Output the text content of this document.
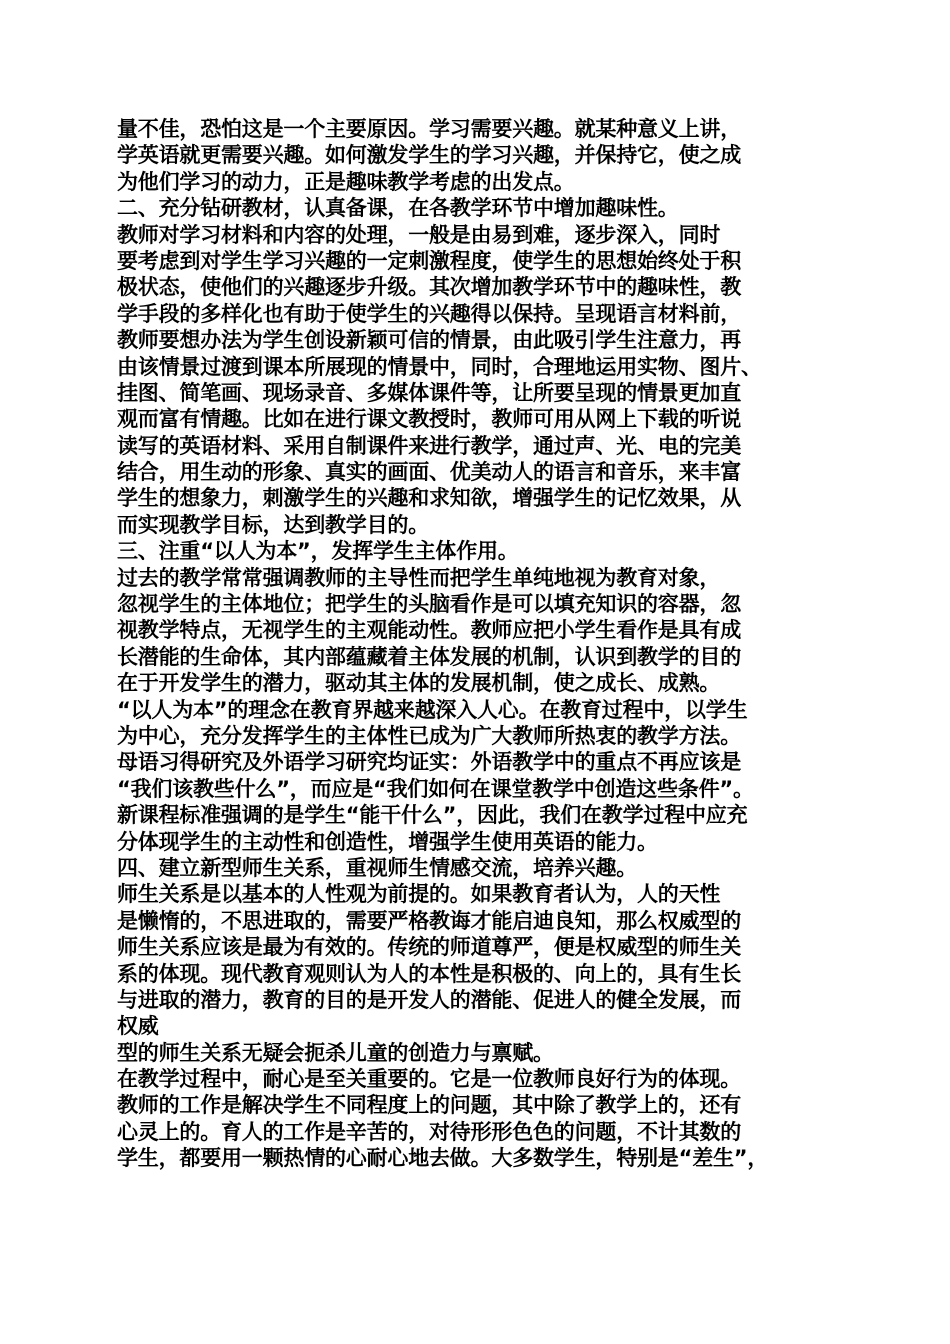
量不佳，恐怕这是一个主要原因。学习需要兴趣。就某种意义上讲，
学英语就更需要兴趣。如何激发学生的学习兴趣，并保持它，使之成
为他们学习的动力，正是趣味教学考虑的出发点。
二、充分钻研教材，认真备课，在各教学环节中增加趣味性。
教师对学习材料和内容的处理，一般是由易到难，逐步深入，同时
要考虑到对学生学习兴趣的一定刺激程度，使学生的思想始终处于积
极状态，使他们的兴趣逐步升级。其次增加教学环节中的趣味性，教
学手段的多样化也有助于使学生的兴趣得以保持。呈现语言材料前，
教师要想办法为学生创设新颖可信的情景，由此吸引学生注意力，再
由该情景过渡到课本所展现的情景中，同时，合理地运用实物、图片、
挂图、简笔画、现场录音、多媒体课件等，让所要呈现的情景更加直
观而富有情趣。比如在进行课文教授时，教师可用从网上下载的听说
读写的英语材料、采用自制课件来进行教学，通过声、光、电的完美
结合，用生动的形象、真实的画面、优美动人的语言和音乐，来丰富
学生的想象力，刺激学生的兴趣和求知欲，增强学生的记忆效果，从
而实现教学目标，达到教学目的。
三、注重“以人为本”，发挥学生主体作用。
过去的教学常常强调教师的主导性而把学生单纯地视为教育对象，
忽视学生的主体地位；把学生的头脑看作是可以填充知识的容器，忽
视教学特点，无视学生的主观能动性。教师应把小学生看作是具有成
长潜能的生命体，其内部蕴藏着主体发展的机制，认识到教学的目的
在于开发学生的潜力，驱动其主体的发展机制，使之成长、成熟。
“以人为本”的理念在教育界越来越深入人心。在教育过程中，以学生
为中心，充分发挥学生的主体性已成为广大教师所热衷的教学方法。
母语习得研究及外语学习研究均证实：外语教学中的重点不再应该是
“我们该教些什么”，而应是“我们如何在课堂教学中创造这些条件”。
新课程标准强调的是学生“能干什么”，因此，我们在教学过程中应充
分体现学生的主动性和创造性，增强学生使用英语的能力。
四、建立新型师生关系，重视师生情感交流，培养兴趣。
师生关系是以基本的人性观为前提的。如果教育者认为，人的天性
是懒惰的，不思进取的，需要严格教诲才能启迪良知，那么权威型的
师生关系应该是最为有效的。传统的师道尊严，便是权威型的师生关
系的体现。现代教育观则认为人的本性是积极的、向上的，具有生长
与进取的潜力，教育的目的是开发人的潜能、促进人的健全发展，而
权威
型的师生关系无疑会扼杀儿童的创造力与禀赋。
在教学过程中，耐心是至关重要的。它是一位教师良好行为的体现。
教师的工作是解决学生不同程度上的问题，其中除了教学上的，还有
心灵上的。育人的工作是辛苦的，对待形形色色的问题，不计其数的
学生，都要用一颗热情的心耐心地去做。大多数学生，特别是“差生”，
